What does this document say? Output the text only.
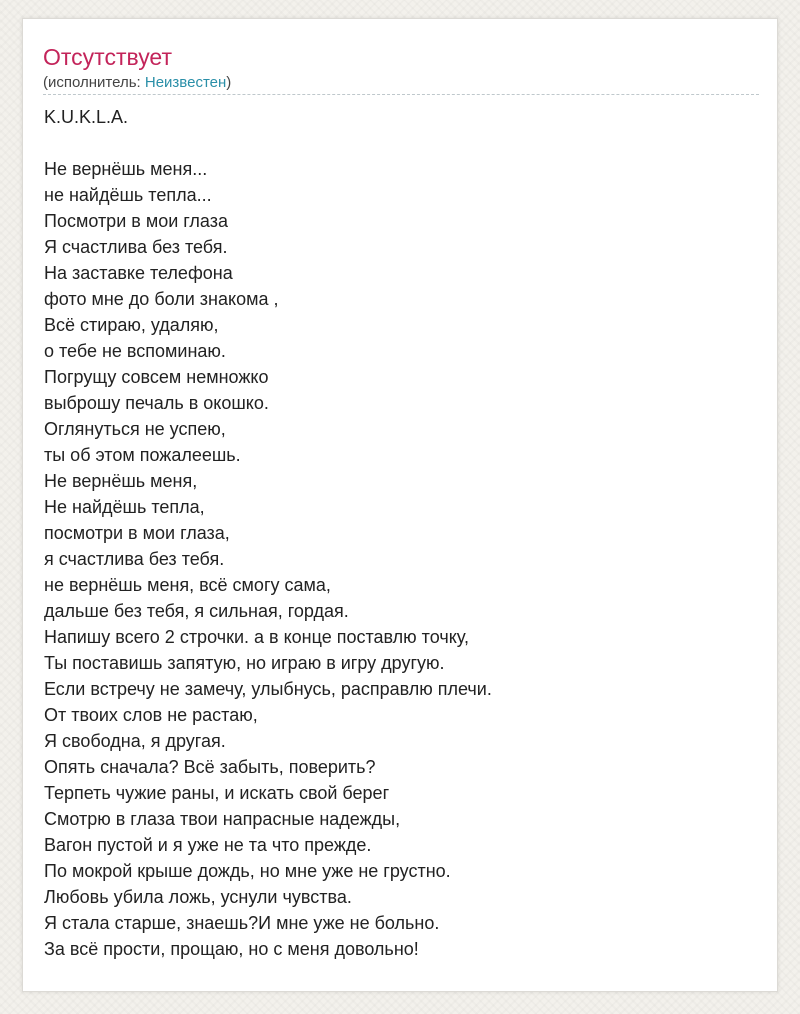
Отсутствует
(исполнитель: Неизвестен)
K.U.K.L.A.
Не вернёшь меня...
не найдёшь тепла...
Посмотри в мои глаза
Я счастлива без тебя.
На заставке телефона
фото мне до боли знакома ,
Всё стираю, удаляю,
о тебе не вспоминаю.
Погрущу совсем немножко
выброшу печаль в окошко.
Оглянуться не успею,
ты об этом пожалеешь.
Не вернёшь меня,
Не найдёшь тепла,
посмотри в мои глаза,
я счастлива без тебя.
не вернёшь меня, всё смогу сама,
дальше без тебя, я сильная, гордая.
Напишу всего 2 строчки. а в конце поставлю точку,
Ты поставишь запятую, но играю в игру другую.
Если встречу не замечу, улыбнусь, расправлю плечи.
От твоих слов не растаю,
Я свободна, я другая.
Опять сначала? Всё забыть, поверить?
Терпеть чужие раны, и искать свой берег
Смотрю в глаза твои напрасные надежды,
Вагон пустой и я уже не та что прежде.
По мокрой крыше дождь, но мне уже не грустно.
Любовь убила ложь, уснули чувства.
Я стала старше, знаешь?И мне уже не больно.
За всё прости, прощаю, но с меня довольно!
